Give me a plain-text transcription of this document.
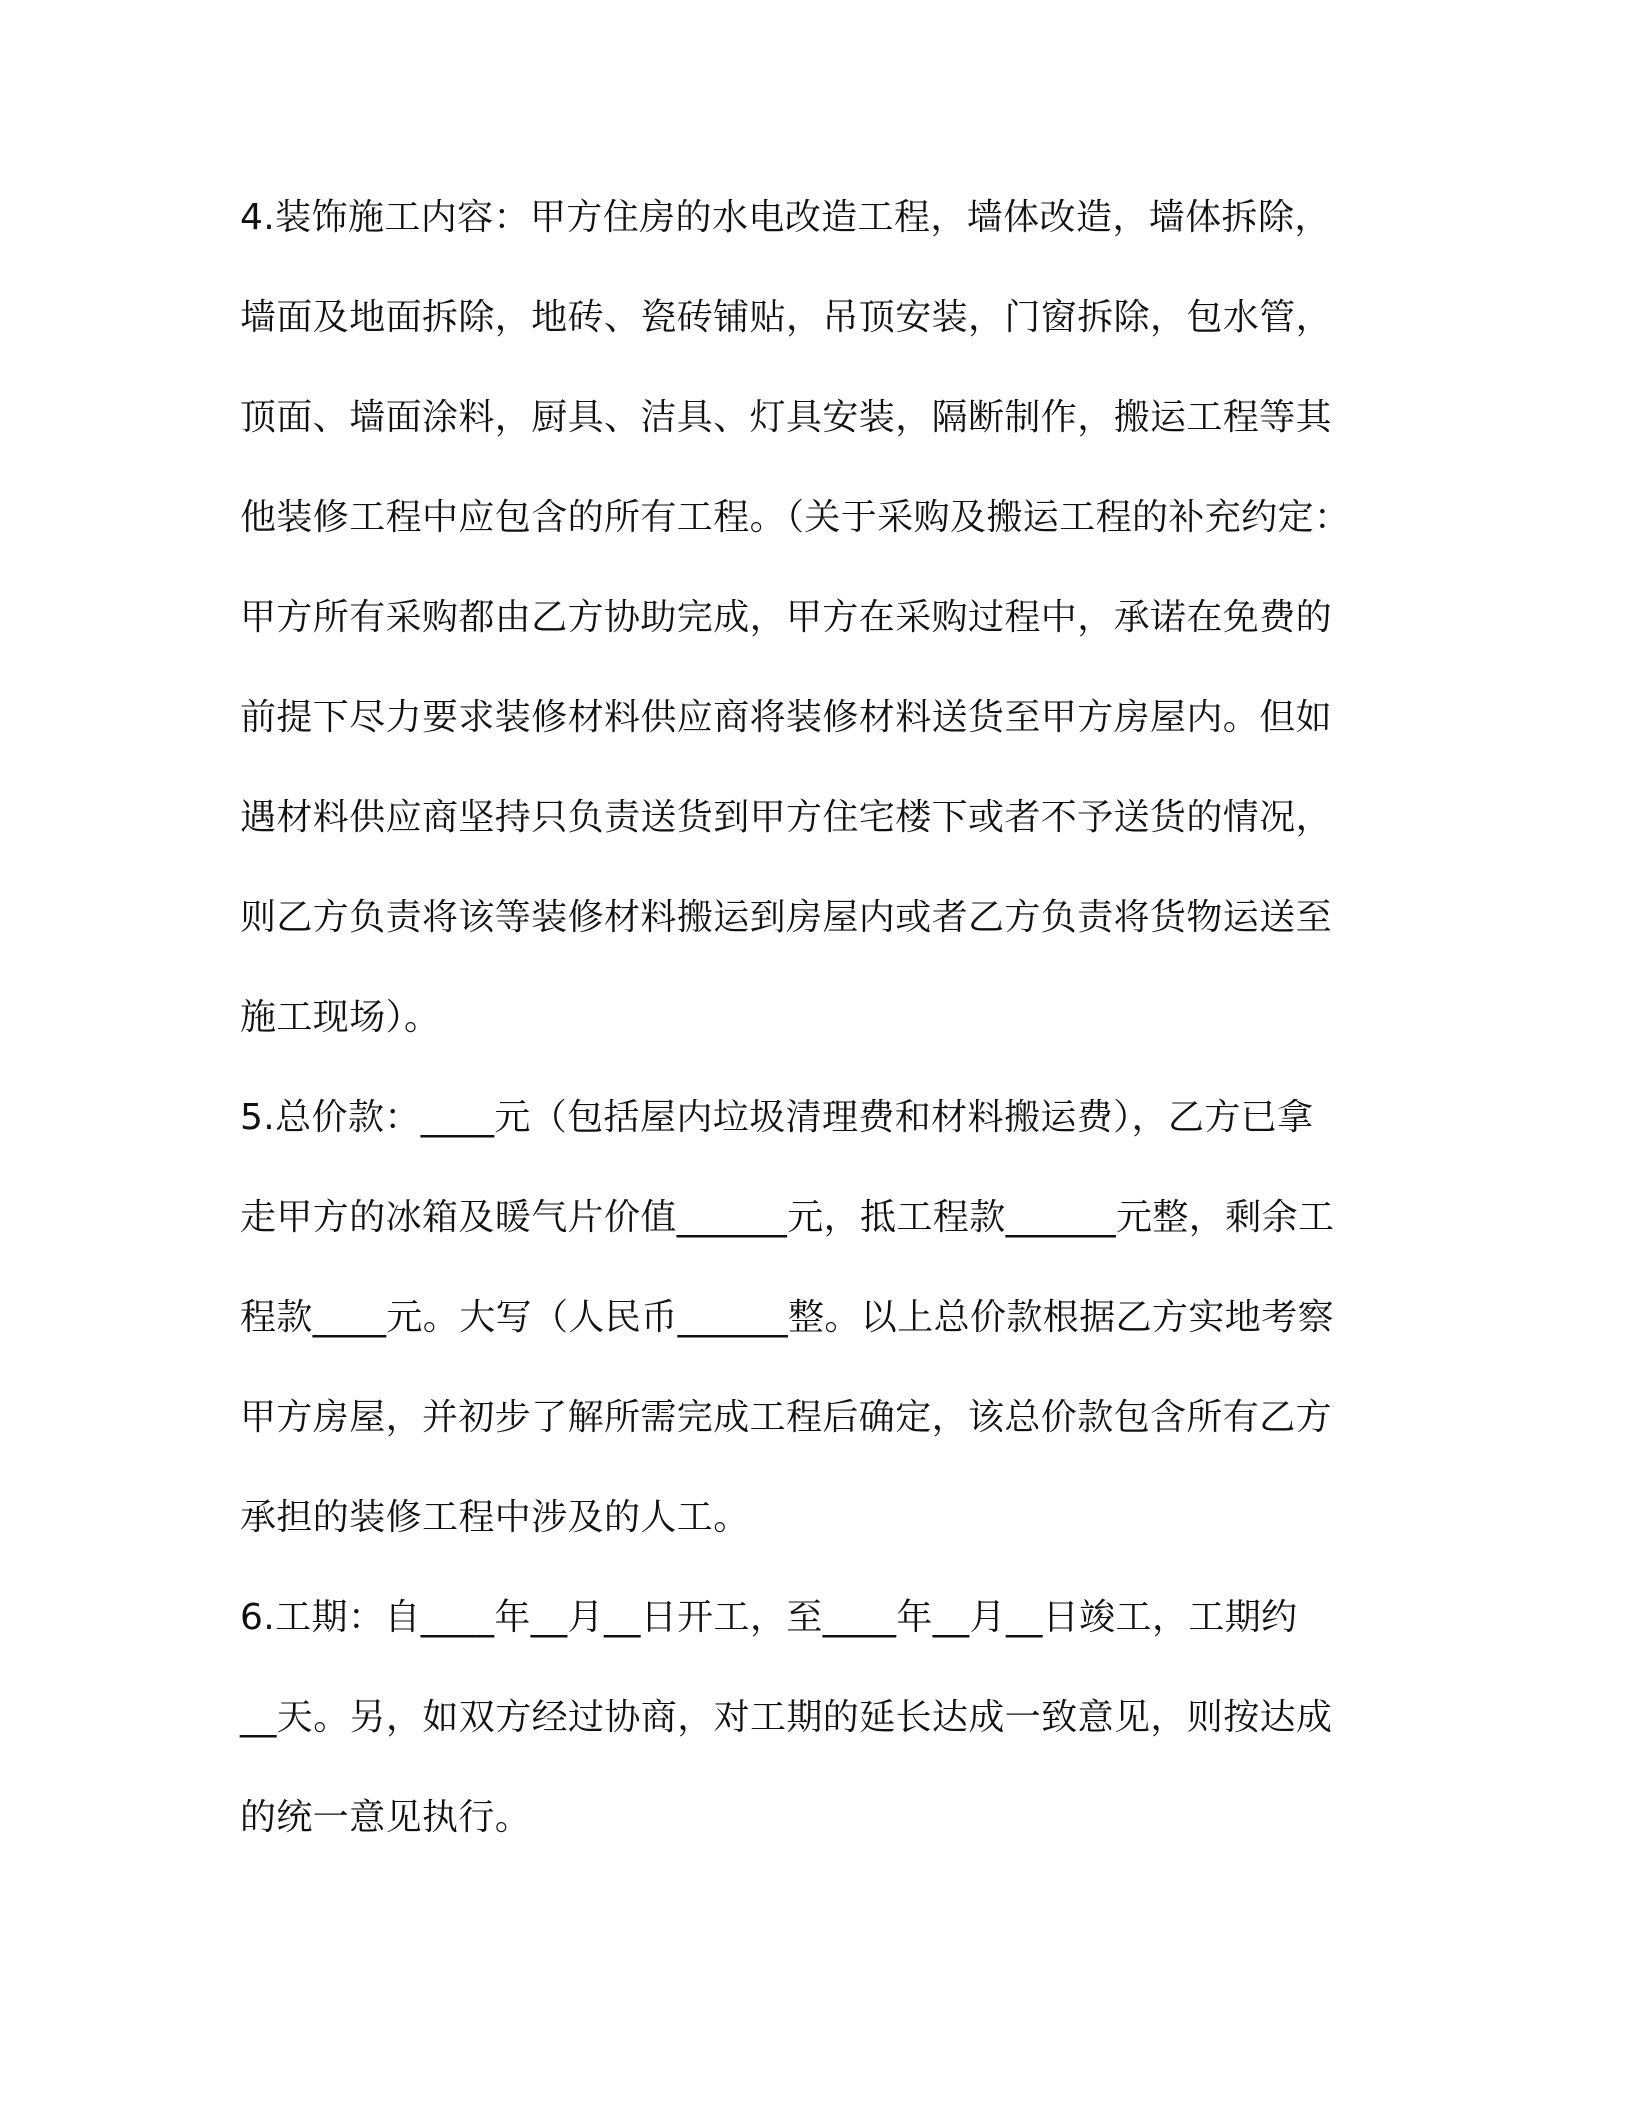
4.装饰施工内容：甲方住房的水电改造工程，墙体改造，墙体拆除，
墙面及地面拆除，地砖、瓷砖铺贴，吊顶安装，门窗拆除，包水管，
顶面、墙面涂料，厨具、洁具、灯具安装，隔断制作，搬运工程等其
他装修工程中应包含的所有工程。（关于采购及搬运工程的补充约定：
甲方所有采购都由乙方协助完成，甲方在采购过程中，承诺在免费的
前提下尽力要求装修材料供应商将装修材料送货至甲方房屋内。但如
遇材料供应商坚持只负责送货到甲方住宅楼下或者不予送货的情况，
则乙方负责将该等装修材料搬运到房屋内或者乙方负责将货物运送至
施工现场）。
5.总价款：____元（包括屋内垃圾清理费和材料搬运费），乙方已拿
走甲方的冰箱及暖气片价值______元，抵工程款______元整，剩余工
程款____元。大写（人民币______整。以上总价款根据乙方实地考察
甲方房屋，并初步了解所需完成工程后确定，该总价款包含所有乙方
承担的装修工程中涉及的人工。
6.工期：自____年__月__日开工，至____年__月__日竣工，工期约
__天。另，如双方经过协商，对工期的延长达成一致意见，则按达成
的统一意见执行。
